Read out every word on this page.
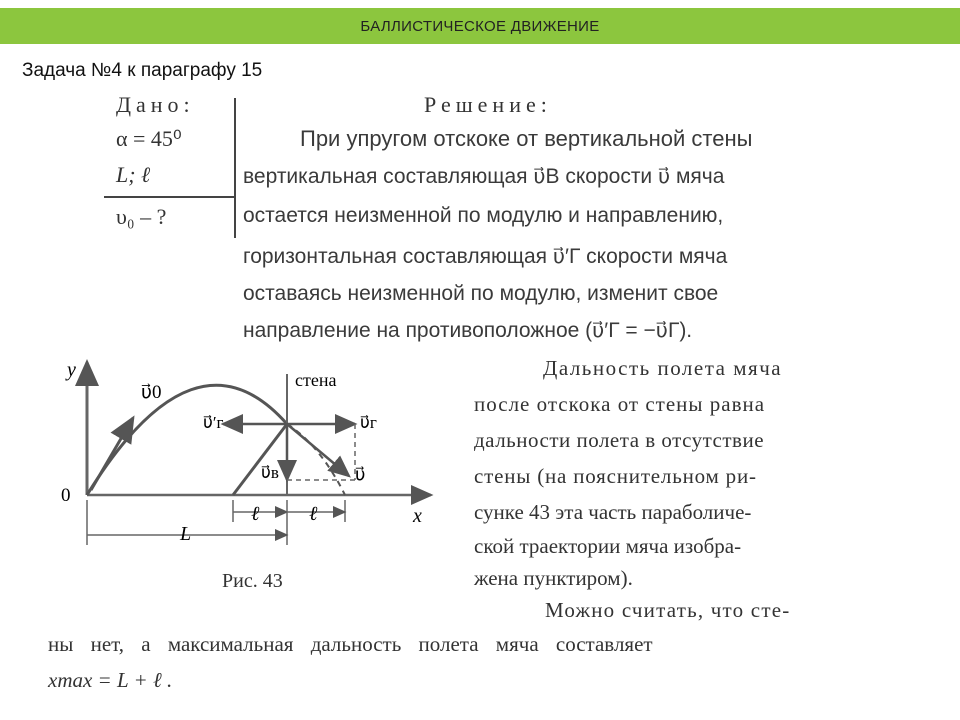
БАЛЛИСТИЧЕСКОЕ ДВИЖЕНИЕ
Задача №4 к параграфу 15
Дано:
α = 45⁰
L; ℓ
υ₀ – ?
Решение:
При упругом отскоке от вертикальной стены
вертикальная составляющая υ⃗B скорости υ⃗ мяча
остается неизменной по модулю и направлению,
горизонтальная составляющая υ⃗′Г скорости мяча
оставаясь неизменной по модулю, изменит свое
направление на противоположное (υ⃗′Г = −υ⃗Г).
y
x
0
стена
υ⃗0
υ⃗′г	υ⃗г
υ⃗в	υ⃗

ℓ ℓ
L
Рис. 43
Дальность полета мяча
после отскока от стены равна
дальности полета в отсутствие
стены (на пояснительном ри-
сунке 43 эта часть параболиче-
ской траектории мяча изобра-
жена пунктиром).
Можно считать, что сте-
ны нет, а максимальная дальность полета мяча составляет
xmax = L + ℓ .
